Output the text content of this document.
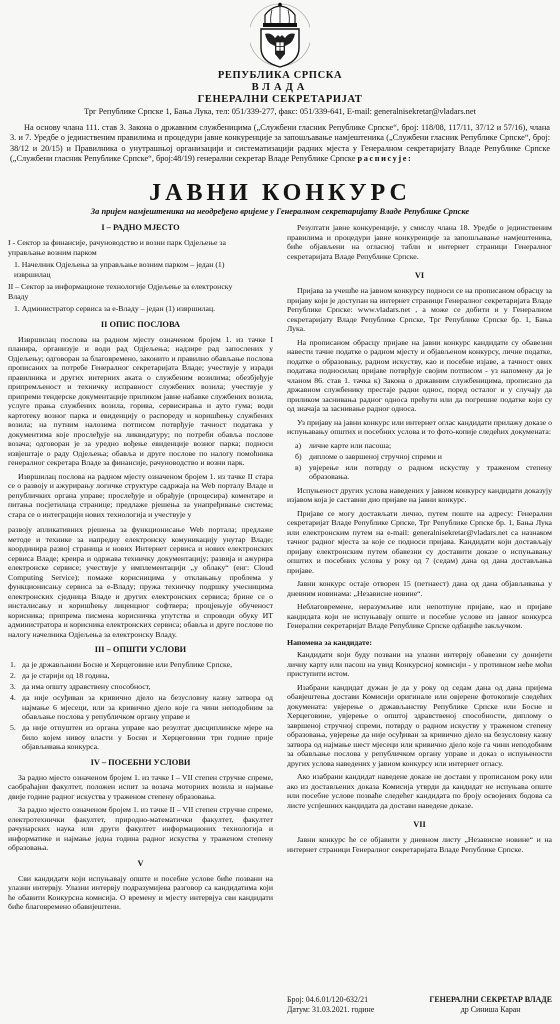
РЕПУБЛИКА СРПСКА
ВЛАДА
ГЕНЕРАЛНИ СЕКРЕТАРИЈАТ
Трг Републике Српске 1, Бања Лука, тел: 051/339-277, факс: 051/339-641, E-mail: generalnisekretar@vladars.net

На основу члана 111. став 3. Закона о државним службеницима („Службени гласник Републике Српске“, број: 118/08, 117/11, 37/12 и 57/16), члана 3. и 7. Уредбе о јединственим правилима и процедури јавне конкуренције за запошљавање намјештеника („Службени гласник Републике Српске“, број: 38/12 и 20/15) и Правилника о унутрашњој организацији и систематизацији радних мјеста у Генералном секретаријату Владе Републике Српске („Службени гласник Републике Српске“, број:48/19) генерални секретар Владе Републике Српске расписује:

ЈАВНИ КОНКУРС
За пријем намјештеника на неодређено вријеме у Генералном секретаријату Владе Републике Српске
I – РАДНО МЈЕСТО

I - Сектор за финансије, рачуноводство и возни парк Одјељење за управљање возним парком

1. Начелник Одјељења за управљање возним парком – један (1) извршилац

II – Сектор за информационе технологије Одјељење за електронску Владу

1. Администратор сервиса за е-Владу – један (1) извршилац.

II ОПИС ПОСЛОВА

Извршилац послова на радном мјесту означеном бројем 1. из тачке I планира, организује и води рад Одјељења; надзире рад запослених у Одјељењу; одговоран за благовремено, законито и правилно обављање послова прописаних за потребе Генералног секретаријата Владе; учествује у изради правилника и других интерних аката о службеним возилима; обезбјеђује припремљеност и техничку исправност службених возила; учествује у припреми тендерске документације приликом јавне набавке службених возила, услуге прања службених возила, горива, сервисирања и ауто гума; води картотеку возног парка и евиденцију о распореду и коришћењу службених возила; на путним налозима потписом потврђује тачност података у документима које прослеђује на ликвидатуру; по потреби обавља послове возача; одговоран је за уредно вођење евиденције возног парка; подноси извјештаје о раду Одјељења; обавља и друге послове по налогу помоћника генералног секретара Владе за финансије, рачуноводство и возни парк.

Извршилац послова на радном мјесту означеном бројем 1. из тачке II стара се о развоју и ажурирању логичке структуре садржаја на Web порталу Владе и републичких органа управе; прослеђује и обрађује (процесира) коментаре и питања посјетилаца странице; предлаже рјешења за унапређивање система; стара се о интеграцији нових технологија и учествује у

развоју апликативних рјешења за функционисање Web портала; предлаже методе и технике за напредну електронску комуникацију унутар Владе; координира развој страница и нових Интернет сервиса и нових електронских сервиса Владе; креира и одржава техничку документацију; развија и ажурира електронске сервисе; учествује у имплементацији „у облаку“ (енг: Cloud Computing Service); помаже корисницима у отклањању проблема у функционисању сервиса за е-Владу; пружа техничку подршку учесницима електронских сједница Владе и других електронских сервиса; брине се о инсталисању и коришћењу лиценцног софтвера; процјењује обученост корисника; припрема писмена корисничка упутства и спроводи обуку ИТ администратора и корисника електронских сервиса; обавља и друге послове по налогу начелника Одјељења за електронску Владу.

III – ОПШТИ УСЛОВИ
1. да је држављанин Босне и Херцеговине или Републике Српске,
2. да је старији од 18 година,
3. да има општу здравствену способност,
4. да није осуђиван за кривично дјело на безусловну казну затвора од најмање 6 мјесеци, или за кривично дјело које га чини неподобним за обављање послова у републичком органу управе и
5. да није отпуштен из органа управе као резултат дисциплинске мјере на било којем нивоу власти у Босни и Херцеговини три године прије објављивања конкурса.
IV – ПОСЕБНИ УСЛОВИ

За радно мјесто означеном бројем 1. из тачке I – VII степен стручне спреме, саобраћајни факултет, положен испит за возача моторних возила и најмање двије године радног искуства у траженом степену образовања.

За радно мјесто означеном бројем 1. из тачке II – VII степен стручне спреме, електротехнички факултет, природно-математички факултет, факултет рачунарских наука или други факултет информационих технологија и информатике и најмање једна година радног искуства у траженом степену образовања.

V

Сви кандидати који испуњавају опште и посебне услове биће позвани на улазни интервју. Улазни интервју подразумијева разговор са кандидатима који ће обавити Конкурсна комисија. О времену и мјесту интервјуа сви кандидати биће благовремено обавијештени.

Резултати јавне конкуренције, у смислу члана 18. Уредбе о јединственим правилима и процедури јавне конкуренције за запошљавање намјештеника, биће објављени на огласној табли и интернет страници Генералног секретаријата Владе Републике Српске.

VI

Пријава за учешће на јавном конкурсу подноси се на прописаном обрасцу за пријаву који је доступан на интернет страници Генералног секретаријата Владе Републике Српске: www.vladars.net , а може се добити и у Генералном секретаријату Владе Републике Српске, Трг Републике Српске бр. 1, Бања Лука.

На прописаном обрасцу пријаве на јавни конкурс кандидати су обавезни навести тачне податке о радном мјесту и објављеном конкурсу, личне податке, податке о образовању, радном искуству, као и посебне изјаве, а тачност ових података подносилац пријаве потврђује својим потписом - уз напомену да је чланом 86. став 1. тачка к) Закона о државним службеницима, прописано да државном службенику престаје радни однос, поред осталог и у случају да приликом заснивања радног односа прећути или да погрешне податке који су од значаја за заснивање радног односа.

Уз пријаву на јавни конкурс или интернет оглас кандидати прилажу доказе о испуњавању општих и посебних услова и то фото-копије следећих докумената:

а)	личне карте или пасоша;
б) дипломе о завршеној стручној спреми и
в) увјерење или потврду о радном искуству у траженом степену образовања.

Испуњеност других услова наведених у јавном конкурсу кандидати доказују изјавом која је саставни дио пријаве на јавни конкурс.

Пријаве се могу достављати лично, путем поште на адресу: Генерални секретаријат Владе Републике Српске, Трг Републике Српске бр. 1, Бања Лука или електронским путем на е-mail: generalnisekretar@vladars.net са назнаком тачног радног мјеста за које се подноси пријава. Кандидати који достављају пријаву електронским путем обавезни су доставити доказе о испуњавању општих и посебних услова у року од 7 (седам) дана од дана достављања пријаве.

Јавни конкурс остаје отворен 15 (петнаест) дана од дана објављивања у дневним новинама: „Независне новине“.

Неблаговремене, неразумљиве или непотпуне пријаве, као и пријаве кандидата који не испуњавају опште и посебне услове из јавног конкурса Генерални секретаријат Владе Републике Српске одбациће закључком.

Напомена за кандидате:

Кандидати који буду позвани на улазни интервју обавезни су донијети личну карту или пасош на увид Конкурсној комисији - у противном неће моћи приступити истом.

Изабрани кандидат дужан је да у року од седам дана од дана пријема обавјештења достави Комисији оригинале или овјерене фотокопије следећих докумената: увјерење о држављанству Републике Српске или Босне и Херцеговине, увјерење о општој здравственој способности, диплому о завршеној стручној спреми, потврду о радном искуству у траженом степену образовања, увјерење да није осуђиван за кривично дјело на безусловну казну затвора од најмање шест мјесеци или кривично дјело које га чини неподобним за обављање послова у републичком органу управе и доказ о испуњености других услова наведених у јавном конкурсу или интернет огласу.

Ако изабрани кандидат наведене доказе не достави у прописаном року или ако из достављених доказа Комисија утврди да кандидат не испуњава опште или посебне услове позваће следећег кандидата по броју освојених бодова са листе успјешних кандидата да достави наведене доказе.

VII

Јавни конкурс ће се објавити у дневном листу „Независне новине“ и на интернет страници Генералног секретаријата Владе Републике Српске.

Број: 04.6.01/120-632/21
Датум: 31.03.2021. године
ГЕНЕРАЛНИ СЕКРЕТАР ВЛАДЕ
др Синиша Каран
